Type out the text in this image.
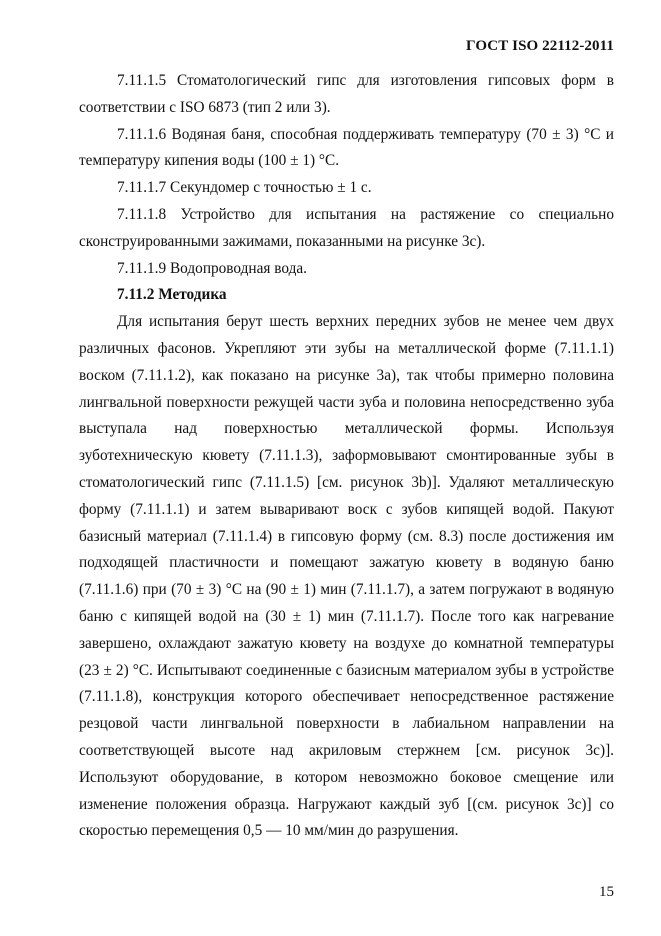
ГОСТ ISO 22112-2011

7.11.1.5 Стоматологический гипс для изготовления гипсовых форм в соответствии с ISO 6873 (тип 2 или 3).

7.11.1.6 Водяная баня, способная поддерживать температуру (70 ± 3) °С и температуру кипения воды (100 ± 1) °С.

7.11.1.7 Секундомер с точностью ± 1 с.

7.11.1.8 Устройство для испытания на растяжение со специально сконструированными зажимами, показанными на рисунке 3с).

7.11.1.9 Водопроводная вода.

7.11.2 Методика

Для испытания берут шесть верхних передних зубов не менее чем двух различных фасонов. Укрепляют эти зубы на металлической форме (7.11.1.1) воском (7.11.1.2), как показано на рисунке 3а), так чтобы примерно половина лингвальной поверхности режущей части зуба и половина непосредственно зуба выступала над поверхностью металлической формы. Используя зуботехническую кювету (7.11.1.3), заформовывают смонтированные зубы в стоматологический гипс (7.11.1.5) [см. рисунок 3b)]. Удаляют металлическую форму (7.11.1.1) и затем вываривают воск с зубов кипящей водой. Пакуют базисный материал (7.11.1.4) в гипсовую форму (см. 8.3) после достижения им подходящей пластичности и помещают зажатую кювету в водяную баню (7.11.1.6) при (70 ± 3) °С на (90 ± 1) мин (7.11.1.7), а затем погружают в водяную баню с кипящей водой на (30 ± 1) мин (7.11.1.7). После того как нагревание завершено, охлаждают зажатую кювету на воздухе до комнатной температуры (23 ± 2) °С. Испытывают соединенные с базисным материалом зубы в устройстве (7.11.1.8), конструкция которого обеспечивает непосредственное растяжение резцовой части лингвальной поверхности в лабиальном направлении на соответствующей высоте над акриловым стержнем [см. рисунок 3с)]. Используют оборудование, в котором невозможно боковое смещение или изменение положения образца. Нагружают каждый зуб [(см. рисунок 3с)] со скоростью перемещения 0,5 — 10 мм/мин до разрушения.

15
